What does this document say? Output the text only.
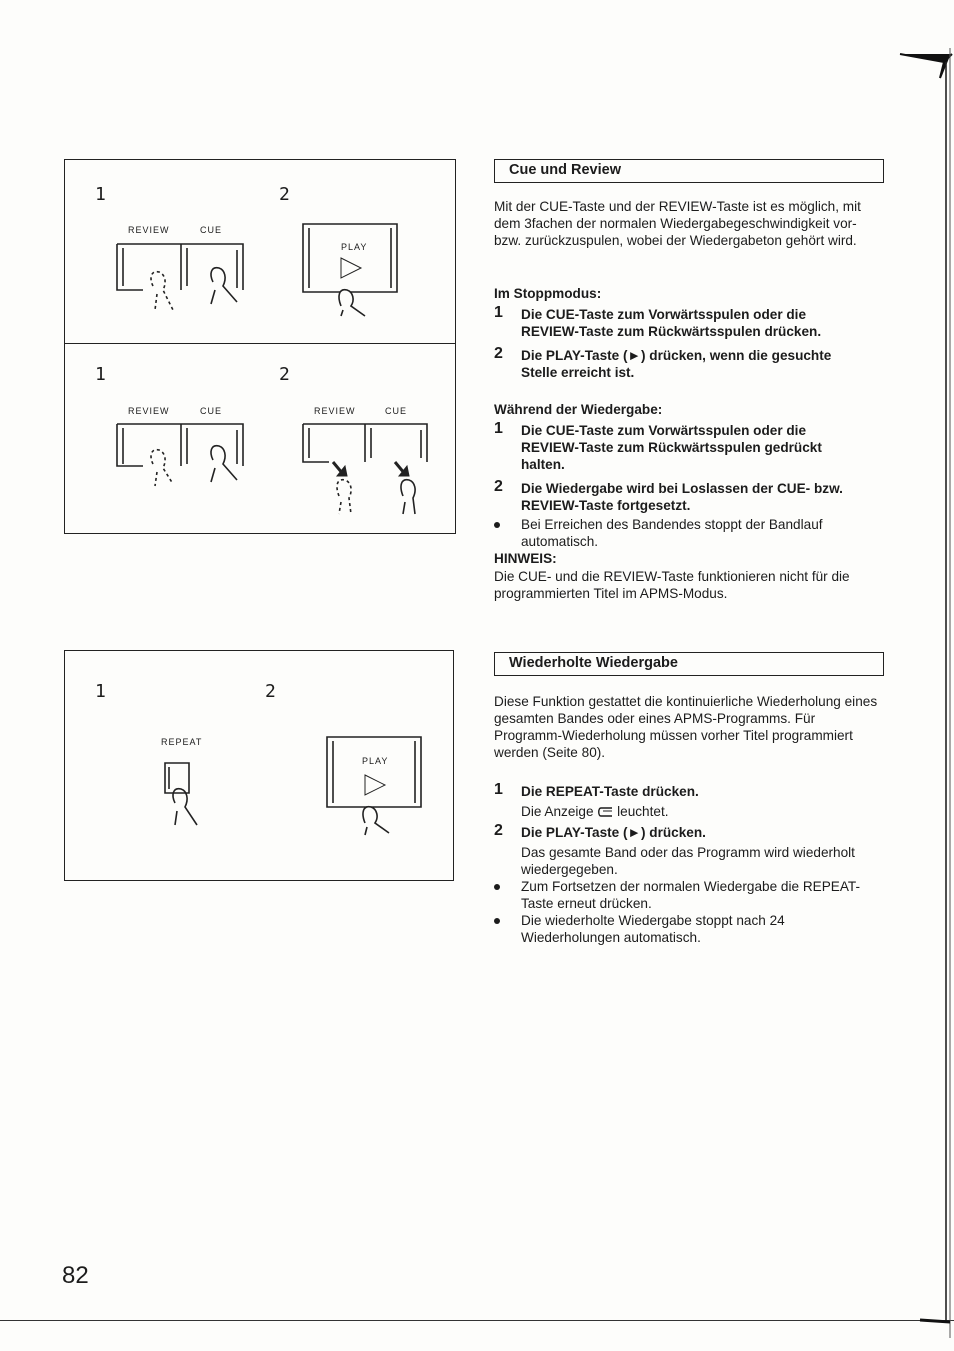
1	2
REVIEW	CUE
PLAY
1	2
REVIEW	CUE	REVIEW	CUE
1	2
REPEAT
PLAY
Cue und Review
Mit der CUE-Taste und der REVIEW-Taste ist es möglich, mit dem 3fachen der normalen Wiedergabegeschwindigkeit vor- bzw. zurückzuspulen, wobei der Wiedergabeton gehört wird.
Im Stoppmodus:
1 Die CUE-Taste zum Vorwärtsspulen oder die REVIEW-Taste zum Rückwärtsspulen drücken.
2 Die PLAY-Taste (►) drücken, wenn die gesuchte Stelle erreicht ist.
Während der Wiedergabe:
1 Die CUE-Taste zum Vorwärtsspulen oder die REVIEW-Taste zum Rückwärtsspulen gedrückt halten.
2 Die Wiedergabe wird bei Loslassen der CUE- bzw. REVIEW-Taste fortgesetzt.
Bei Erreichen des Bandendes stoppt der Bandlauf automatisch.
HINWEIS:
Die CUE- und die REVIEW-Taste funktionieren nicht für die programmierten Titel im APMS-Modus.
Wiederholte Wiedergabe
Diese Funktion gestattet die kontinuierliche Wiederholung eines gesamten Bandes oder eines APMS-Programms. Für Programm-Wiederholung müssen vorher Titel programmiert werden (Seite 80).
1 Die REPEAT-Taste drücken.
Die Anzeige leuchtet.
2 Die PLAY-Taste (►) drücken.
Das gesamte Band oder das Programm wird wiederholt wiedergegeben.
Zum Fortsetzen der normalen Wiedergabe die REPEAT-Taste erneut drücken.
Die wiederholte Wiedergabe stoppt nach 24 Wiederholungen automatisch.
82
